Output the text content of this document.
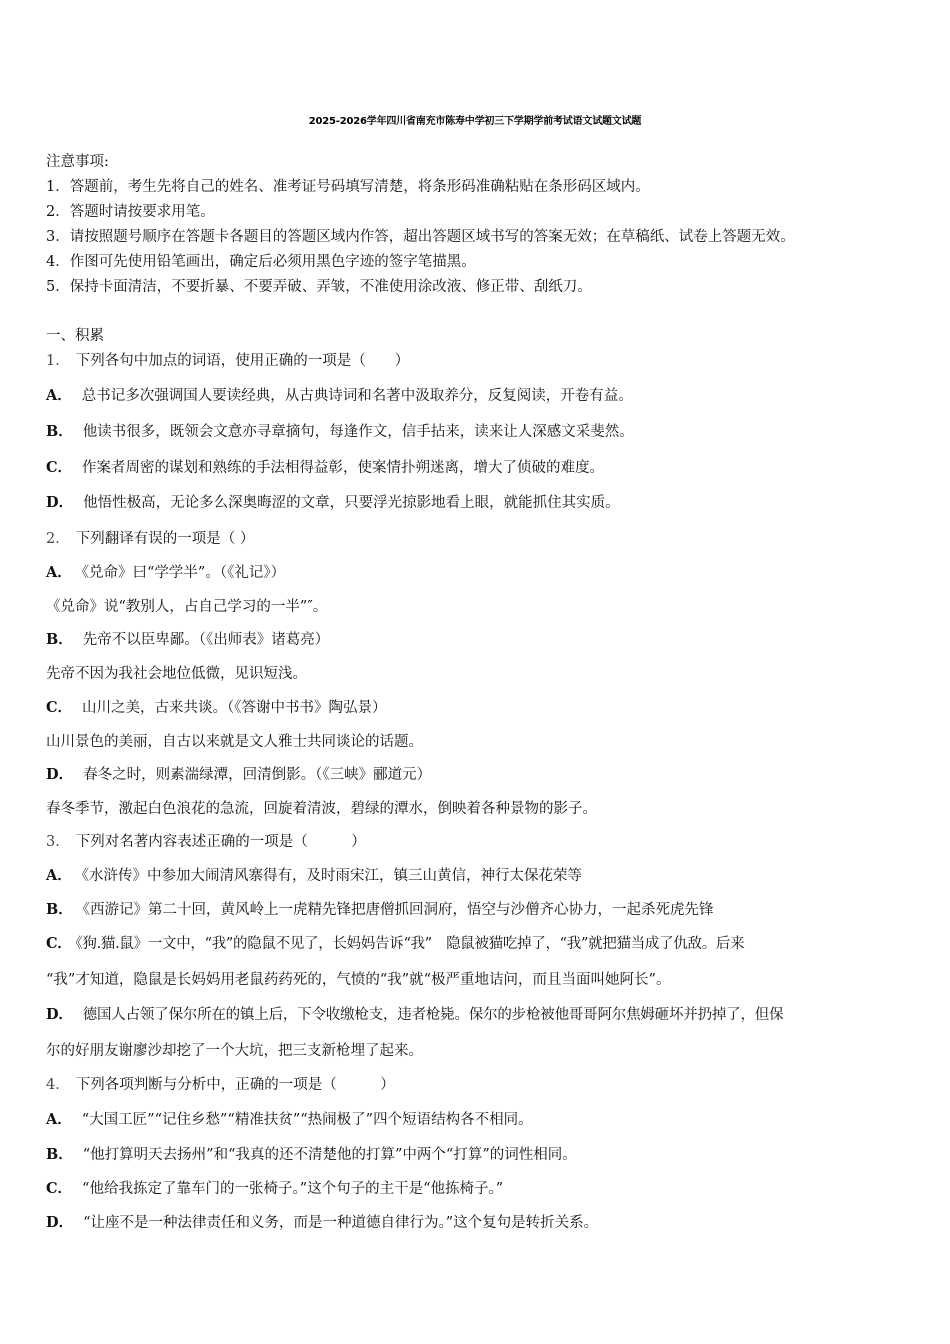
2025-2026学年四川省南充市陈寿中学初三下学期学前考试语文试题文试题
注意事项:
1．答题前，考生先将自己的姓名、准考证号码填写清楚，将条形码准确粘贴在条形码区域内。
2．答题时请按要求用笔。
3．请按照题号顺序在答题卡各题目的答题区域内作答，超出答题区域书写的答案无效；在草稿纸、试卷上答题无效。
4．作图可先使用铅笔画出，确定后必须用黑色字迹的签字笔描黑。
5．保持卡面清洁，不要折暴、不要弄破、弄皱，不准使用涂改液、修正带、刮纸刀。
一、积累
1． 下列各句中加点的词语，使用正确的一项是（　　）
A． 总书记多次强调国人要读经典，从古典诗词和名著中汲取养分，反复阅读，开卷有益。
B． 他读书很多，既领会文意亦寻章摘句，每逢作文，信手拈来，读来让人深感文采斐然。
C． 作案者周密的谋划和熟练的手法相得益彰，使案情扑朔迷离，增大了侦破的难度。
D． 他悟性极高，无论多么深奥晦涩的文章，只要浮光掠影地看上眼，就能抓住其实质。
2． 下列翻译有误的一项是（ ）
A． 《兑命》曰“学学半”。（《礼记》）
《兑命》说“教别人，占自己学习的一半”″。
B． 先帝不以臣卑鄙。（《出师表》诸葛亮）
先帝不因为我社会地位低微，见识短浅。
C． 山川之美，古来共谈。（《答谢中书书》陶弘景）
山川景色的美丽，自古以来就是文人雅士共同谈论的话题。
D． 春冬之时，则素湍绿潭，回清倒影。（《三峡》郦道元）
春冬季节，激起白色浪花的急流，回旋着清波，碧绿的潭水，倒映着各种景物的影子。
3． 下列对名著内容表述正确的一项是（　　　）
A． 《水浒传》中参加大闹清风寨得有，及时雨宋江，镇三山黄信，神行太保花荣等
B． 《西游记》第二十回，黄风岭上一虎精先锋把唐僧抓回洞府，悟空与沙僧齐心协力，一起杀死虎先锋
C． 《狗.猫.鼠》一文中，“我”的隐鼠不见了，长妈妈告诉“我”　隐鼠被猫吃掉了，“我”就把猫当成了仇敌。后来
“我”才知道，隐鼠是长妈妈用老鼠药药死的，气愤的“我”就“极严重地诘问，而且当面叫她阿长”。
D． 德国人占领了保尔所在的镇上后，下令收缴枪支，违者枪毙。保尔的步枪被他哥哥阿尔焦姆砸坏并扔掉了，但保
尔的好朋友谢廖沙却挖了一个大坑，把三支新枪埋了起来。
4． 下列各项判断与分析中，正确的一项是（　　　）
A． “大国工匠”“记住乡愁”“精准扶贫”“热闹极了”四个短语结构各不相同。
B． “他打算明天去扬州”和“我真的还不清楚他的打算”中两个“打算”的词性相同。
C． “他给我拣定了靠车门的一张椅子。”这个句子的主干是“他拣椅子。”
D． “让座不是一种法律责任和义务，而是一种道德自律行为。”这个复句是转折关系。
